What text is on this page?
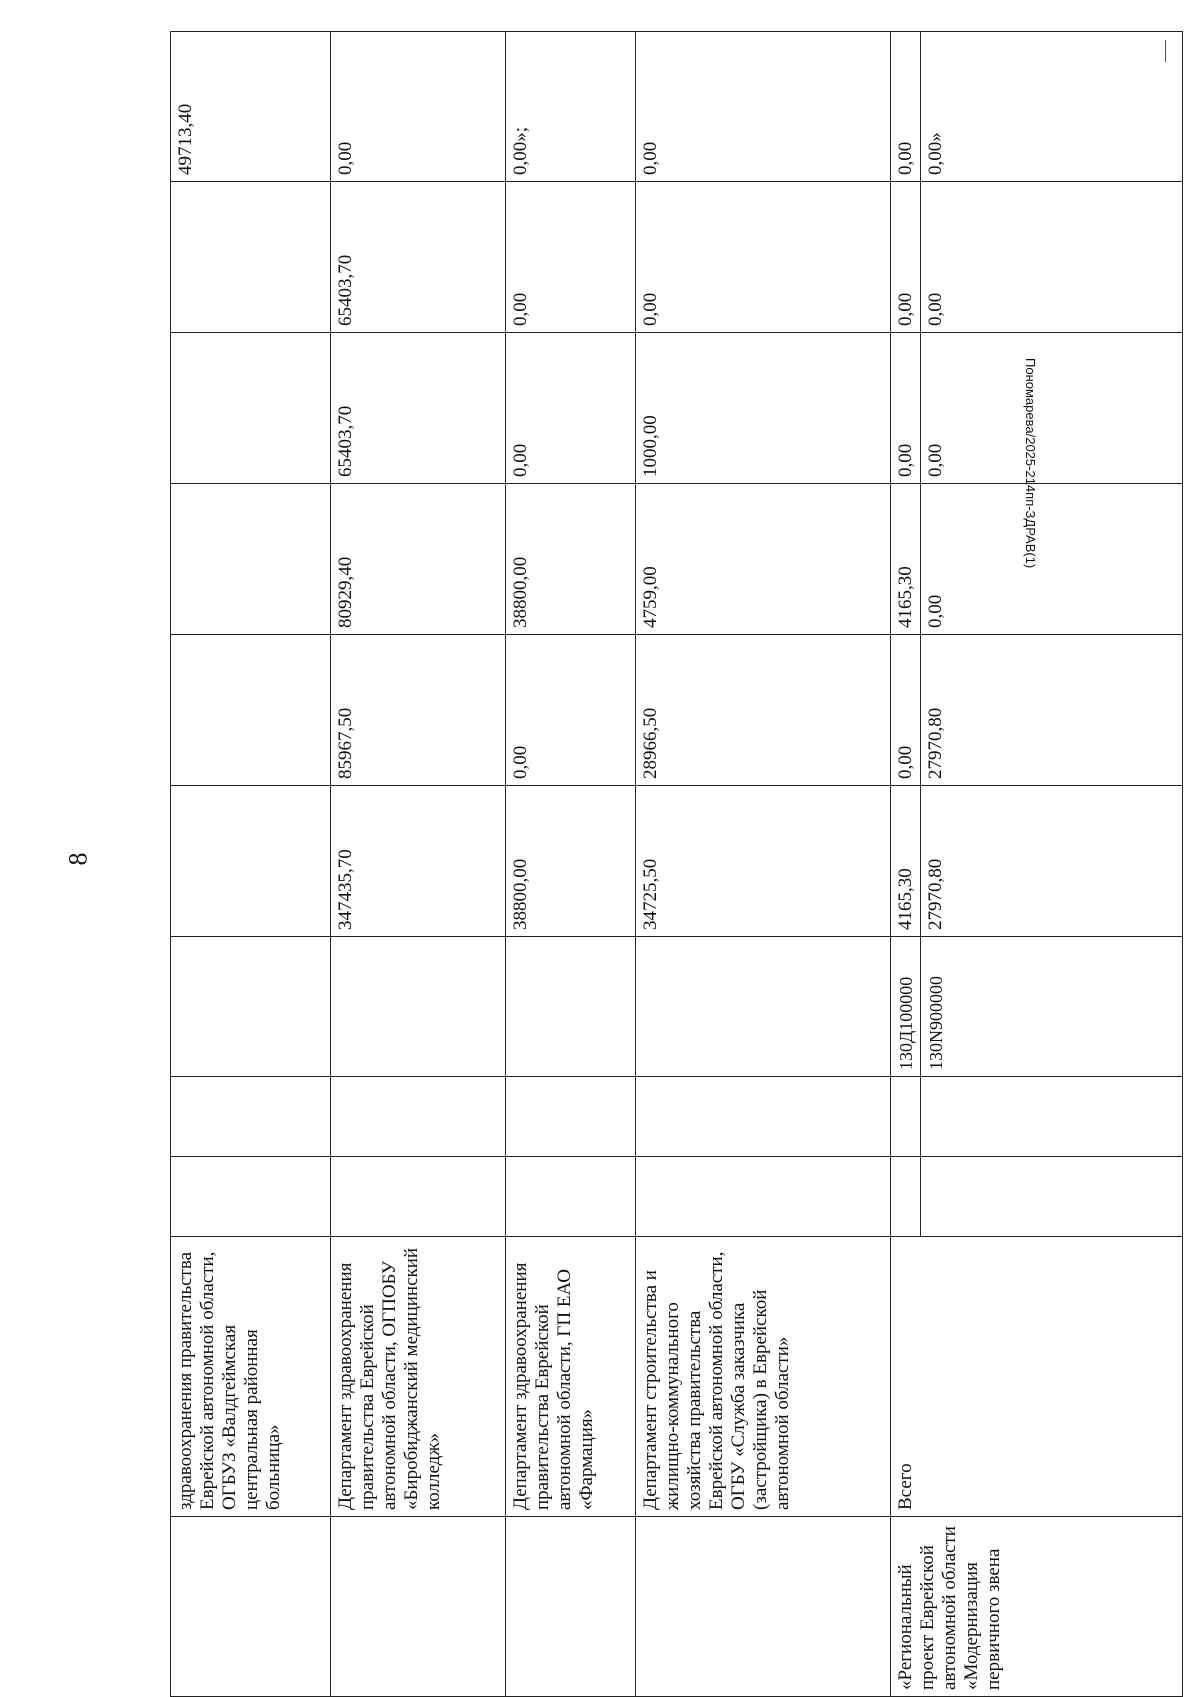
8
	здравоохранения правительства Еврейской автономной области, ОГБУЗ «Валдгеймская центральная районная больница»									49713,40
	Департамент здравоохранения правительства Еврейской автономной области, ОГПОБУ «Биробиджанский медицинский колледж»				347435,70	85967,50	80929,40	65403,70	65403,70	0,00
	Департамент здравоохранения правительства Еврейской автономной области, ГП ЕАО «Фармация»				38800,00	0,00	38800,00	0,00	0,00	0,00»;
	Департамент строительства и жилищно-коммунального хозяйства правительства Еврейской автономной области, ОГБУ «Служба заказчика (застройщика) в Еврейской автономной области»				34725,50	28966,50	4759,00	1000,00	0,00	0,00
«Региональный проект Еврейской автономной области «Модернизация первичного звена	Всего			130Д100000	4165,30	0,00	4165,30	0,00	0,00	0,00
				130N900000	27970,80	27970,80	0,00	0,00	0,00	0,00»
Пономарева/2025-214пп-ЗДРАВ(1)
